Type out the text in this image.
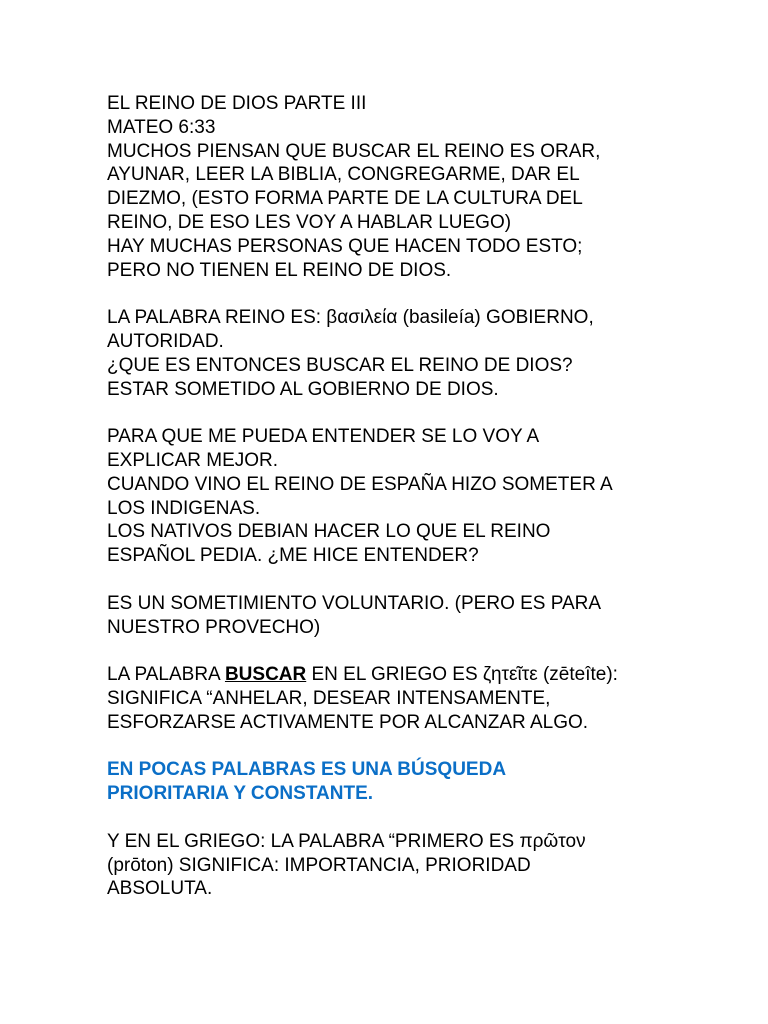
EL REINO DE DIOS PARTE III
MATEO 6:33
MUCHOS PIENSAN QUE BUSCAR EL REINO ES ORAR,
AYUNAR, LEER LA BIBLIA, CONGREGARME, DAR EL
DIEZMO, (ESTO FORMA PARTE DE LA CULTURA DEL
REINO, DE ESO LES VOY A HABLAR LUEGO)
HAY MUCHAS PERSONAS QUE HACEN TODO ESTO;
PERO NO TIENEN EL REINO DE DIOS.
LA PALABRA REINO ES: βασιλεία (basileía) GOBIERNO,
AUTORIDAD.
¿QUE ES ENTONCES BUSCAR EL REINO DE DIOS?
ESTAR SOMETIDO AL GOBIERNO DE DIOS.
PARA QUE ME PUEDA ENTENDER SE LO VOY A
EXPLICAR MEJOR.
CUANDO VINO EL REINO DE ESPAÑA HIZO SOMETER A
LOS INDIGENAS.
LOS NATIVOS DEBIAN HACER LO QUE EL REINO
ESPAÑOL PEDIA. ¿ME HICE ENTENDER?
ES UN SOMETIMIENTO VOLUNTARIO. (PERO ES PARA
NUESTRO PROVECHO)
LA PALABRA BUSCAR EN EL GRIEGO ES ζητεῖτε (zēteîte):
SIGNIFICA “ANHELAR, DESEAR INTENSAMENTE,
ESFORZARSE ACTIVAMENTE POR ALCANZAR ALGO.
EN POCAS PALABRAS ES UNA BÚSQUEDA
PRIORITARIA Y CONSTANTE.
Y EN EL GRIEGO: LA PALABRA “PRIMERO ES πρῶτον
(prōton) SIGNIFICA: IMPORTANCIA, PRIORIDAD
ABSOLUTA.
